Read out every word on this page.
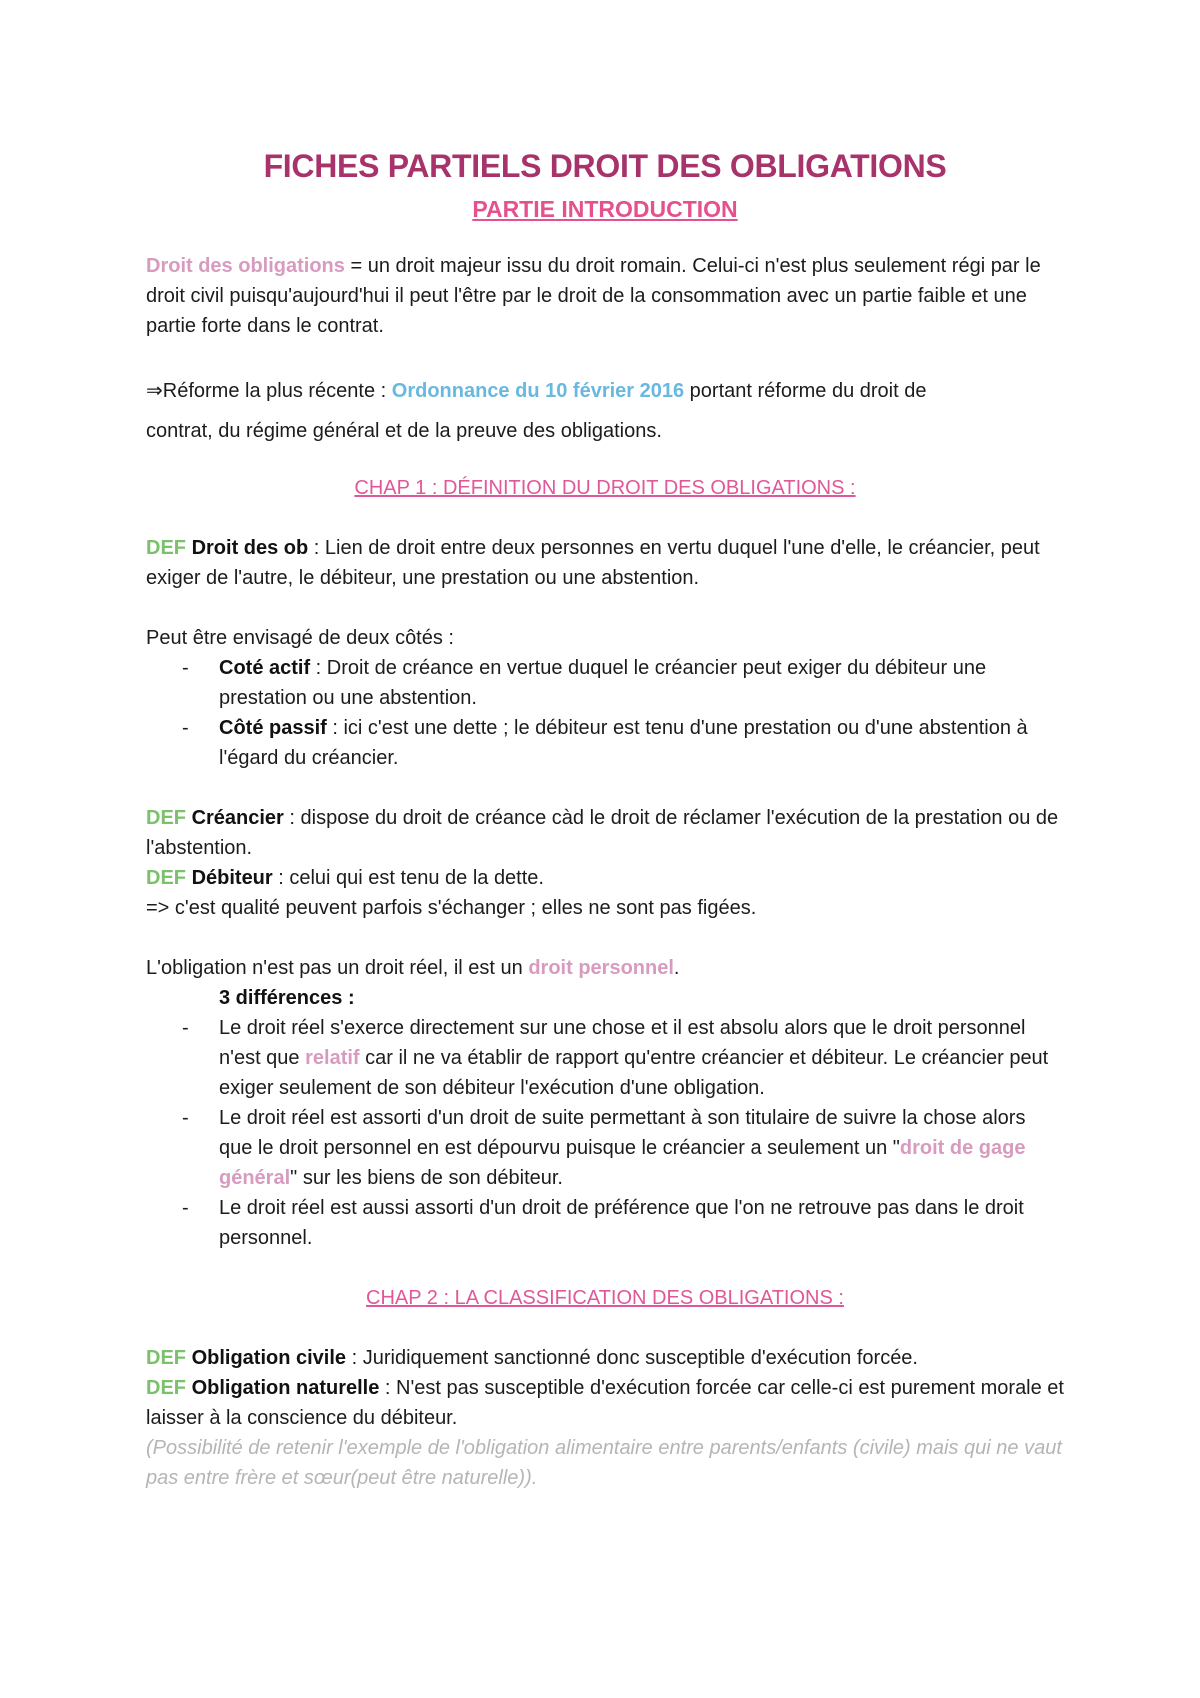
FICHES PARTIELS DROIT DES OBLIGATIONS
PARTIE INTRODUCTION

Droit des obligations = un droit majeur issu du droit romain. Celui-ci n'est plus seulement régi par le droit civil puisqu'aujourd'hui il peut l'être par le droit de la consommation avec un partie faible et une partie forte dans le contrat.

⇒Réforme la plus récente : Ordonnance du 10 février 2016 portant réforme du droit de
contrat, du régime général et de la preuve des obligations.

CHAP 1 : DÉFINITION DU DROIT DES OBLIGATIONS :

DEF Droit des ob : Lien de droit entre deux personnes en vertu duquel l'une d'elle, le créancier, peut exiger de l'autre, le débiteur, une prestation ou une abstention.

Peut être envisagé de deux côtés :

- Coté actif : Droit de créance en vertue duquel le créancier peut exiger du débiteur une prestation ou une abstention.
- Côté passif : ici c'est une dette ; le débiteur est tenu d'une prestation ou d'une abstention à l'égard du créancier.

DEF Créancier : dispose du droit de créance càd le droit de réclamer l'exécution de la prestation ou de l'abstention.

DEF Débiteur : celui qui est tenu de la dette.

=> c'est qualité peuvent parfois s'échanger ; elles ne sont pas figées.

L'obligation n'est pas un droit réel, il est un droit personnel.

3 différences :

- Le droit réel s'exerce directement sur une chose et il est absolu alors que le droit personnel n'est que relatif car il ne va établir de rapport qu'entre créancier et débiteur. Le créancier peut exiger seulement de son débiteur l'exécution d'une obligation.
- Le droit réel est assorti d'un droit de suite permettant à son titulaire de suivre la chose alors que le droit personnel en est dépourvu puisque le créancier a seulement un "droit de gage général" sur les biens de son débiteur.
- Le droit réel est aussi assorti d'un droit de préférence que l'on ne retrouve pas dans le droit personnel.
CHAP 2 : LA CLASSIFICATION DES OBLIGATIONS :

DEF Obligation civile : Juridiquement sanctionné donc susceptible d'exécution forcée.

DEF Obligation naturelle : N'est pas susceptible d'exécution forcée car celle-ci est purement morale et laisser à la conscience du débiteur.

(Possibilité de retenir l'exemple de l'obligation alimentaire entre parents/enfants (civile) mais qui ne vaut pas entre frère et sœur(peut être naturelle)).
